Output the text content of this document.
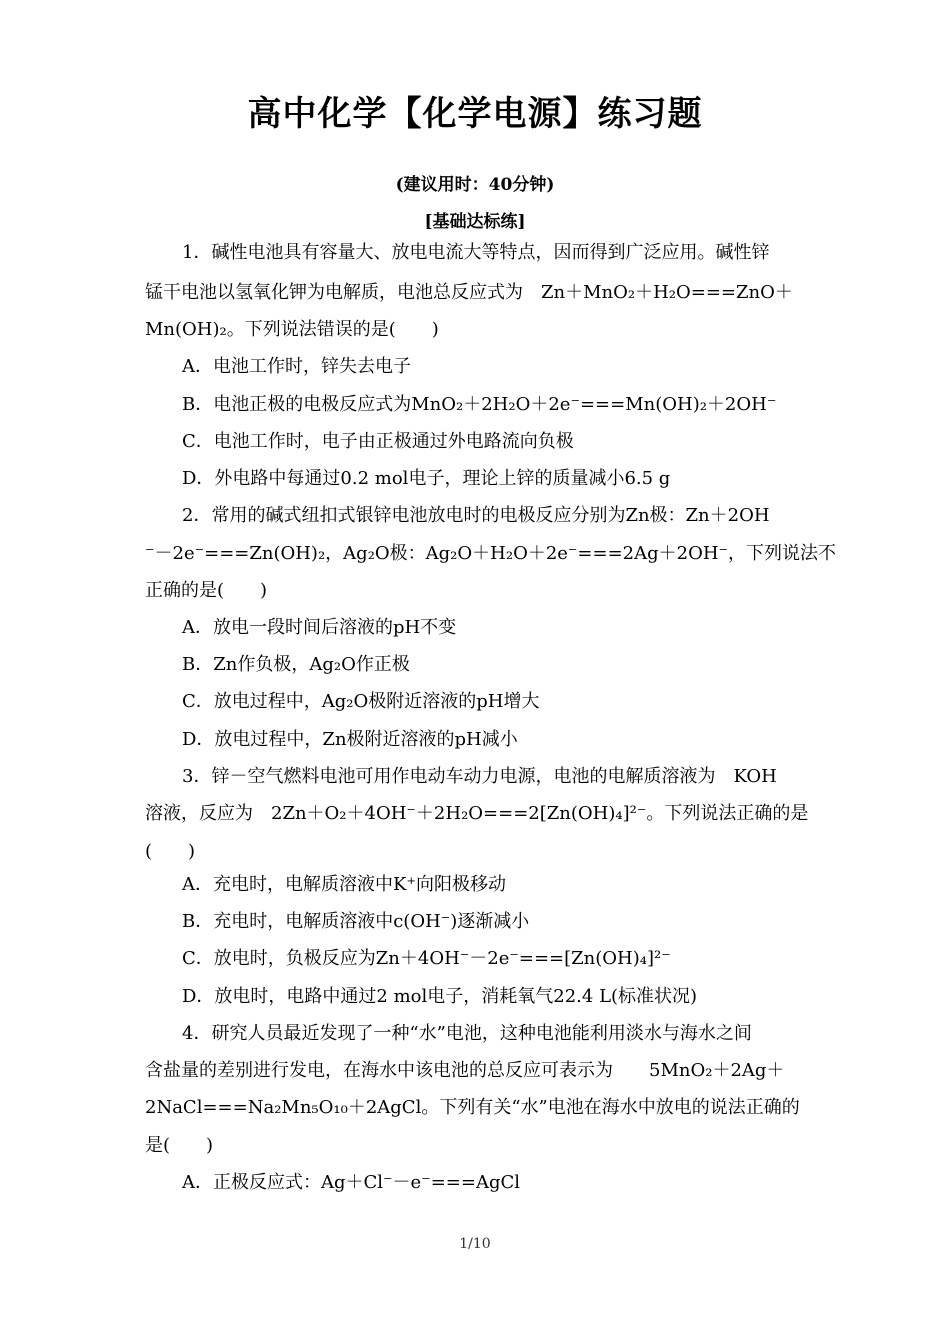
高中化学【化学电源】练习题
(建议用时：40分钟)
[基础达标练]
1．碱性电池具有容量大、放电电流大等特点，因而得到广泛应用。碱性锌
锰干电池以氢氧化钾为电解质，电池总反应式为　Zn＋MnO₂＋H₂O===ZnO＋
Mn(OH)₂。下列说法错误的是(　　)
A．电池工作时，锌失去电子
B．电池正极的电极反应式为MnO₂＋2H₂O＋2e⁻===Mn(OH)₂＋2OH⁻
C．电池工作时，电子由正极通过外电路流向负极
D．外电路中每通过0.2 mol电子，理论上锌的质量减小6.5 g
2．常用的碱式纽扣式银锌电池放电时的电极反应分别为Zn极：Zn＋2OH
⁻－2e⁻===Zn(OH)₂，Ag₂O极：Ag₂O＋H₂O＋2e⁻===2Ag＋2OH⁻，下列说法不
正确的是(　　)
A．放电一段时间后溶液的pH不变
B．Zn作负极，Ag₂O作正极
C．放电过程中，Ag₂O极附近溶液的pH增大
D．放电过程中，Zn极附近溶液的pH减小
3．锌－空气燃料电池可用作电动车动力电源，电池的电解质溶液为　KOH
溶液，反应为　2Zn＋O₂＋4OH⁻＋2H₂O===2[Zn(OH)₄]²⁻。下列说法正确的是
(　　)
A．充电时，电解质溶液中K⁺向阳极移动
B．充电时，电解质溶液中c(OH⁻)逐渐减小
C．放电时，负极反应为Zn＋4OH⁻－2e⁻===[Zn(OH)₄]²⁻
D．放电时，电路中通过2 mol电子，消耗氧气22.4 L(标准状况)
4．研究人员最近发现了一种“水”电池，这种电池能利用淡水与海水之间
含盐量的差别进行发电，在海水中该电池的总反应可表示为　　5MnO₂＋2Ag＋
2NaCl===Na₂Mn₅O₁₀＋2AgCl。下列有关“水”电池在海水中放电的说法正确的
是(　　)
A．正极反应式：Ag＋Cl⁻－e⁻===AgCl
1/10
